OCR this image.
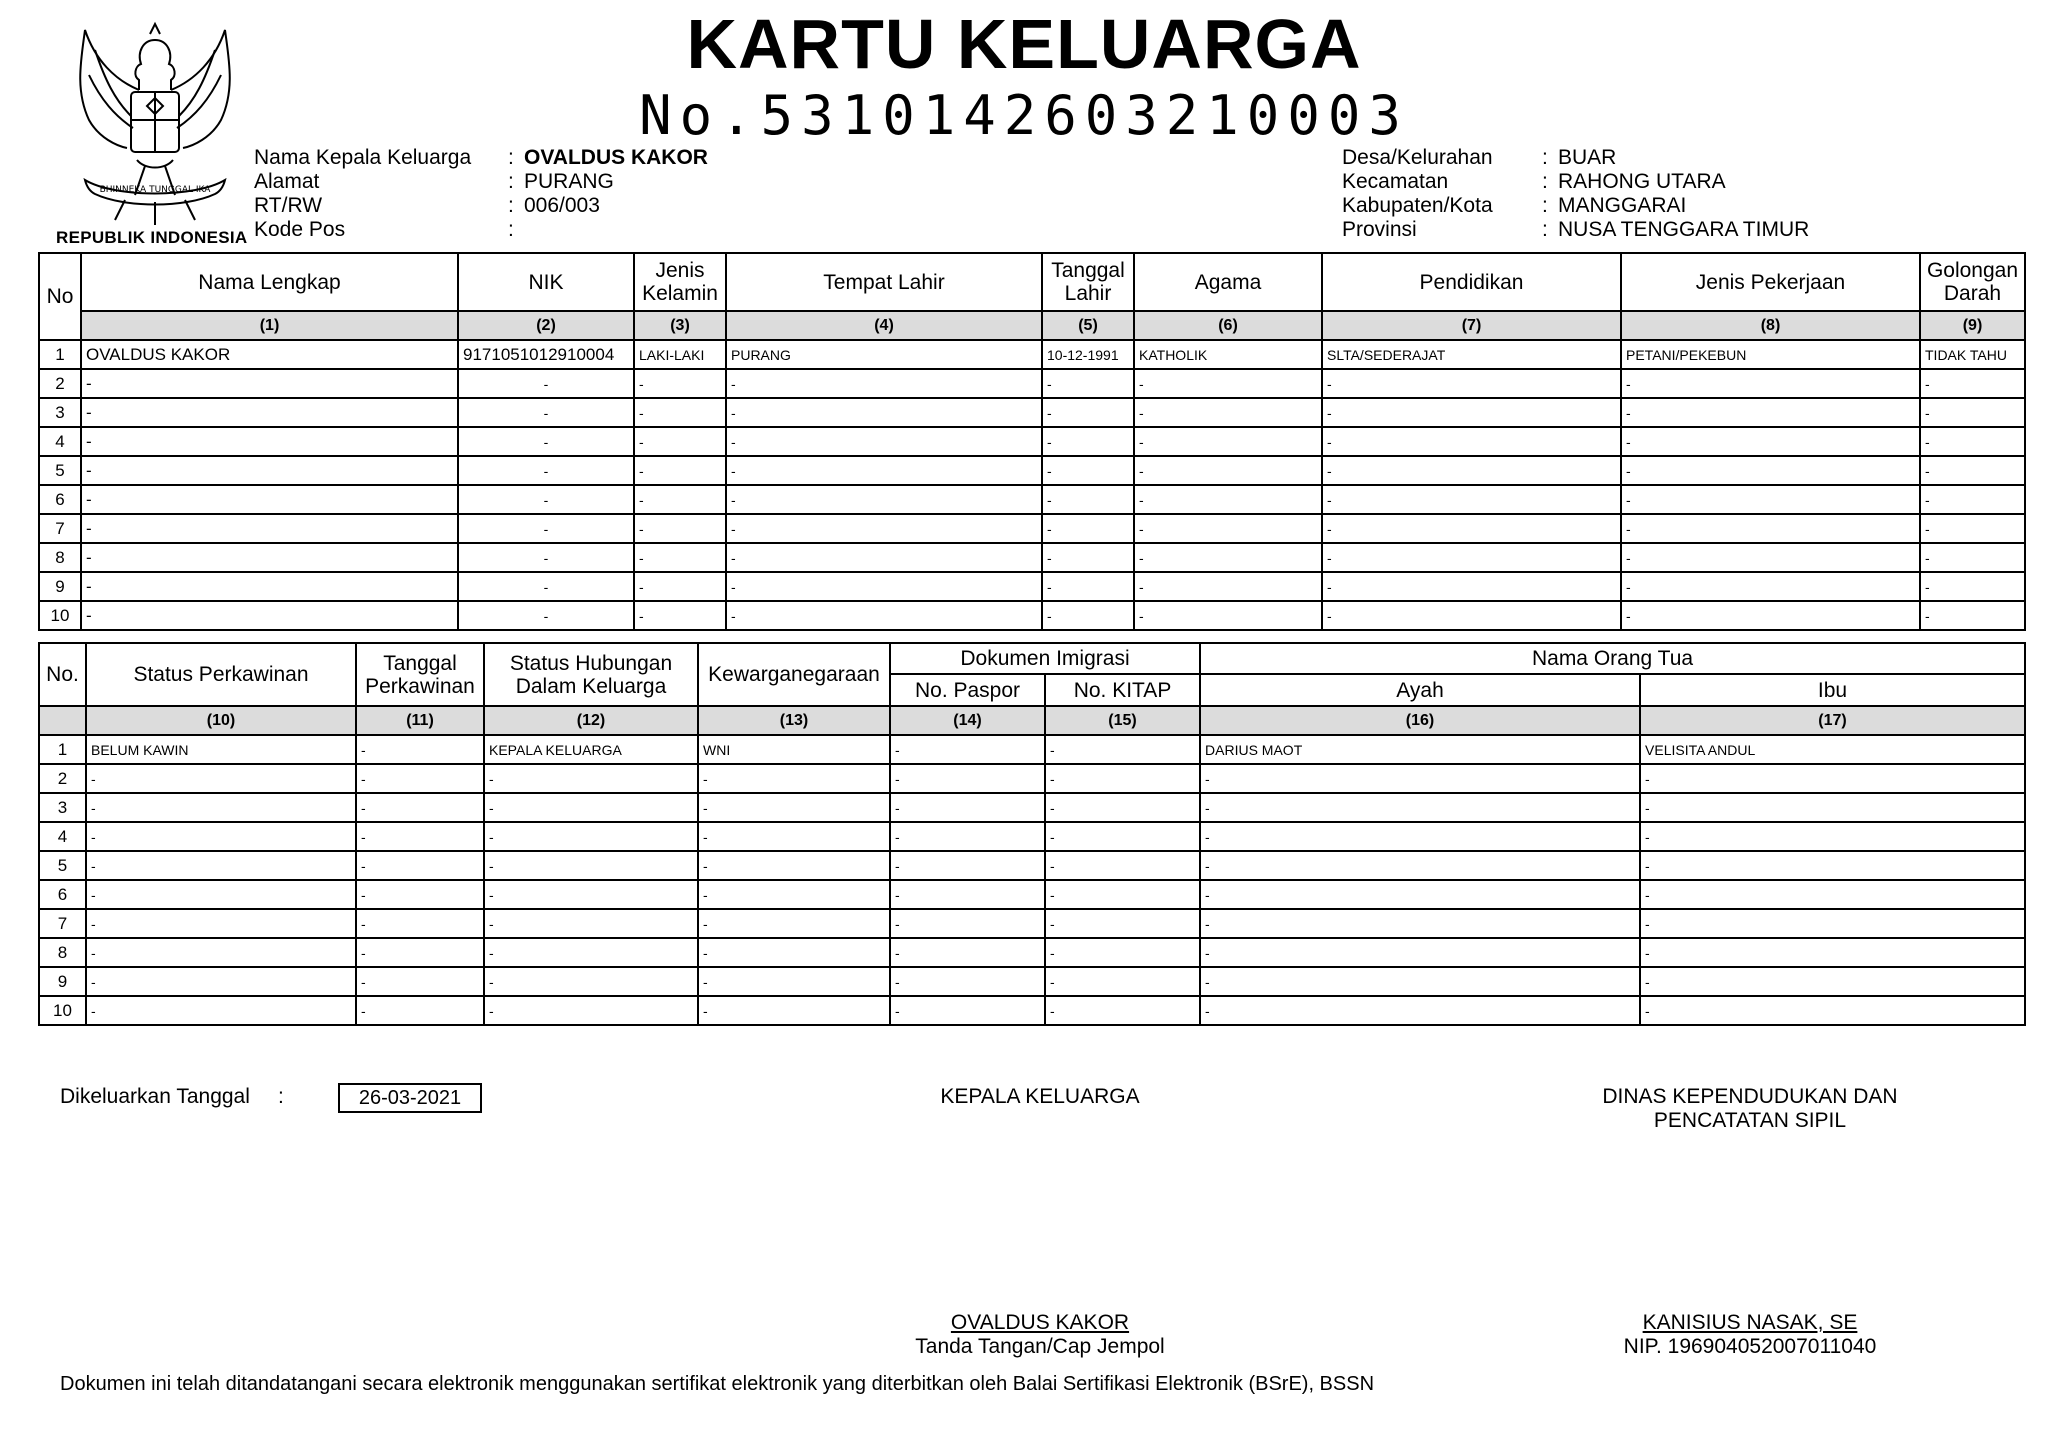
KARTU KELUARGA
No.5310142603210003
BHINNEKA TUNGGAL IKA
REPUBLIK INDONESIA
Nama Kepala Keluarga : OVALDUS KAKOR
Alamat	: PURANG
RT/RW	: 006/003
Kode Pos	:
Desa/Kelurahan : BUAR
Kecamatan	: RAHONG UTARA
Kabupaten/Kota : MANGGARAI
Provinsi	: NUSA TENGGARA TIMUR
No	Nama Lengkap	NIK	Jenis Kelamin	Tempat Lahir	Tanggal Lahir	Agama	Pendidikan	Jenis Pekerjaan	Golongan Darah
	(1)	(2)	(3)	(4)	(5)	(6)	(7)	(8)	(9)
1	OVALDUS KAKOR	9171051012910004	LAKI-LAKI	PURANG	10-12-1991	KATHOLIK	SLTA/SEDERAJAT	PETANI/PEKEBUN	TIDAK TAHU
2	-	-	-	-	-	-	-	-	-
3	-	-	-	-	-	-	-	-	-
4	-	-	-	-	-	-	-	-	-
5	-	-	-	-	-	-	-	-	-
6	-	-	-	-	-	-	-	-	-
7	-	-	-	-	-	-	-	-	-
8	-	-	-	-	-	-	-	-	-
9	-	-	-	-	-	-	-	-	-
10	-	-	-	-	-	-	-	-	-
No.	Status Perkawinan	Tanggal Perkawinan	Status Hubungan Dalam Keluarga	Kewarganegaraan	Dokumen Imigrasi		Nama Orang Tua	
					No. Paspor	No. KITAP	Ayah	Ibu
	(10)	(11)	(12)	(13)	(14)	(15)	(16)	(17)
1	BELUM KAWIN	-	KEPALA KELUARGA	WNI	-	-	DARIUS MAOT	VELISITA ANDUL
2	-	-	-	-	-	-	-	-
3	-	-	-	-	-	-	-	-
4	-	-	-	-	-	-	-	-
5	-	-	-	-	-	-	-	-
6	-	-	-	-	-	-	-	-
7	-	-	-	-	-	-	-	-
8	-	-	-	-	-	-	-	-
9	-	-	-	-	-	-	-	-
10	-	-	-	-	-	-	-	-
Dikeluarkan Tanggal :	26-03-2021	KEPALA KELUARGA
OVALDUS KAKOR
Tanda Tangan/Cap Jempol
DINAS KEPENDUDUKAN DAN
PENCATATAN SIPIL
KANISIUS NASAK, SE
NIP. 196904052007011040
Dokumen ini telah ditandatangani secara elektronik menggunakan sertifikat elektronik yang diterbitkan oleh Balai Sertifikasi Elektronik (BSrE), BSSN
